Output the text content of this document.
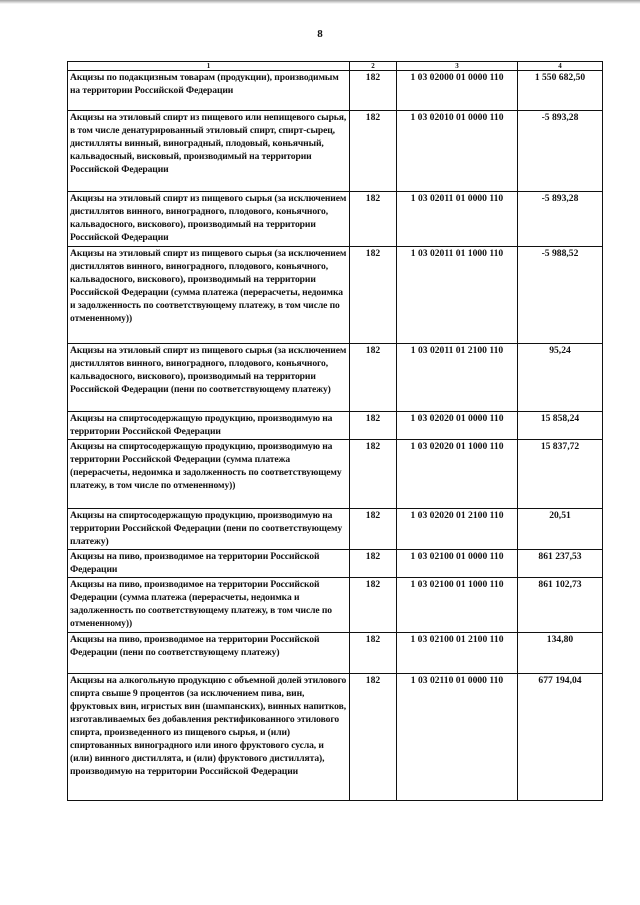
8
1	2	3	4
Акцизы по подакцизным товарам (продукции), производимым на территории Российской Федерации	182	1 03 02000 01 0000 110	1 550 682,50
Акцизы на этиловый спирт из пищевого или непищевого сырья, в том числе денатурированный этиловый спирт, спирт-сырец, дистилляты винный, виноградный, плодовый, коньячный, кальвадосный, висковый, производимый на территории Российской Федерации	182	1 03 02010 01 0000 110	-5 893,28
Акцизы на этиловый спирт из пищевого сырья (за исключением дистиллятов винного, виноградного, плодового, коньячного, кальвадосного, вискового), производимый на территории Российской Федерации	182	1 03 02011 01 0000 110	-5 893,28
Акцизы на этиловый спирт из пищевого сырья (за исключением дистиллятов винного, виноградного, плодового, коньячного, кальвадосного, вискового), производимый на территории Российской Федерации (сумма платежа (перерасчеты, недоимка и задолженность по соответствующему платежу, в том числе по отмененному))	182	1 03 02011 01 1000 110	-5 988,52
Акцизы на этиловый спирт из пищевого сырья (за исключением дистиллятов винного, виноградного, плодового, коньячного, кальвадосного, вискового), производимый на территории Российской Федерации (пени по соответствующему платежу)	182	1 03 02011 01 2100 110	95,24
Акцизы на спиртосодержащую продукцию, производимую на территории Российской Федерации	182	1 03 02020 01 0000 110	15 858,24
Акцизы на спиртосодержащую продукцию, производимую на территории Российской Федерации (сумма платежа (перерасчеты, недоимка и задолженность по соответствующему платежу, в том числе по отмененному))	182	1 03 02020 01 1000 110	15 837,72
Акцизы на спиртосодержащую продукцию, производимую на территории Российской Федерации (пени по соответствующему платежу)	182	1 03 02020 01 2100 110	20,51
Акцизы на пиво, производимое на территории Российской Федерации	182	1 03 02100 01 0000 110	861 237,53
Акцизы на пиво, производимое на территории Российской Федерации (сумма платежа (перерасчеты, недоимка и задолженность по соответствующему платежу, в том числе по отмененному))	182	1 03 02100 01 1000 110	861 102,73
Акцизы на пиво, производимое на территории Российской Федерации (пени по соответствующему платежу)	182	1 03 02100 01 2100 110	134,80
Акцизы на алкогольную продукцию с объемной долей этилового спирта свыше 9 процентов (за исключением пива, вин, фруктовых вин, игристых вин (шампанских), винных напитков, изготавливаемых без добавления ректификованного этилового спирта, произведенного из пищевого сырья, и (или) спиртованных виноградного или иного фруктового сусла, и (или) винного дистиллята, и (или) фруктового дистиллята), производимую на территории Российской Федерации	182	1 03 02110 01 0000 110	677 194,04
